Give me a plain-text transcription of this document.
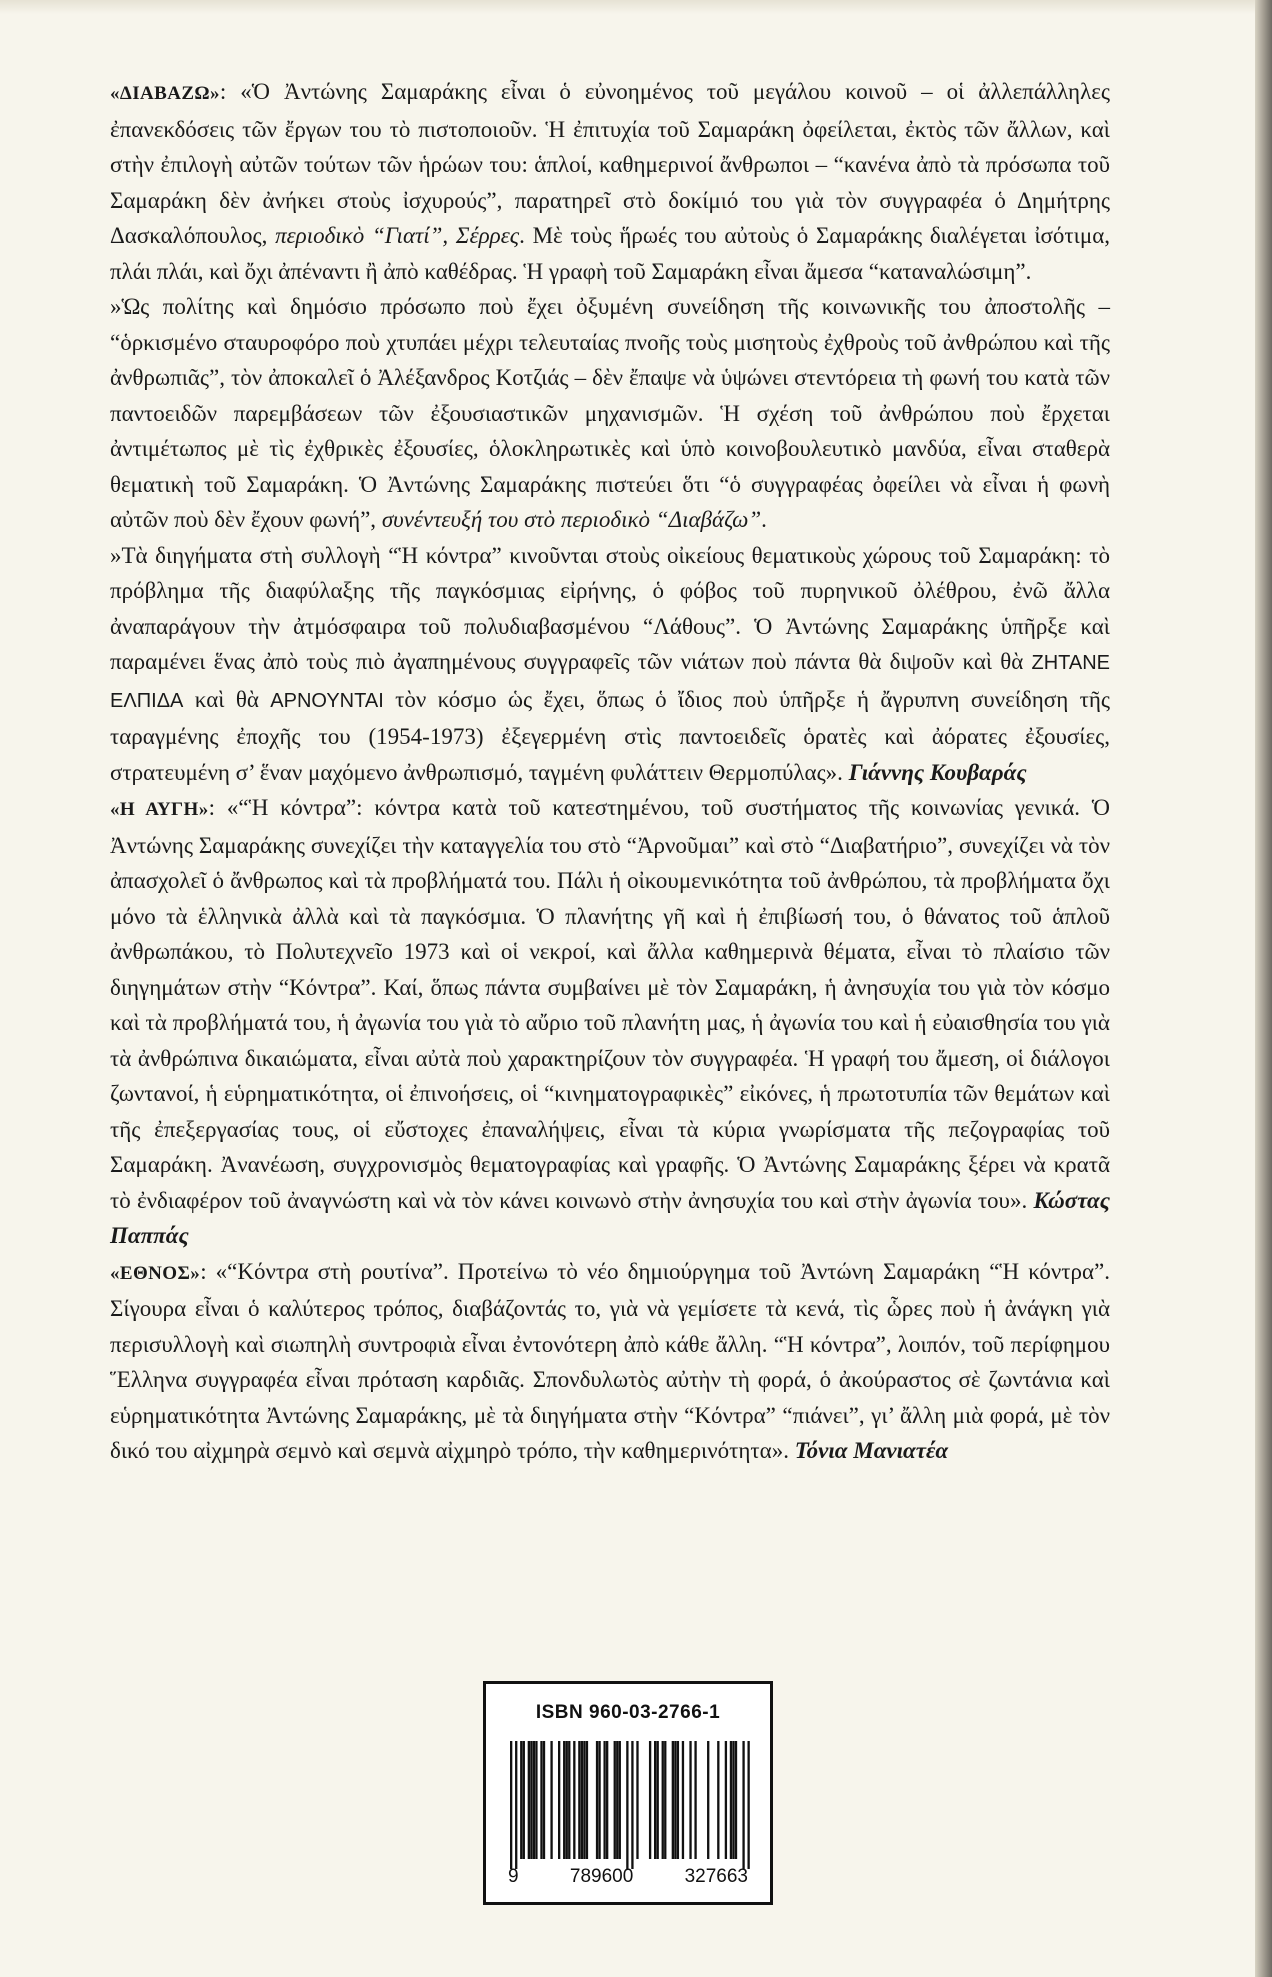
«ΔΙΑΒΑΖΩ»: «Ὁ Ἀντώνης Σαμαράκης εἶναι ὁ εὐνοημένος τοῦ μεγάλου κοινοῦ – οἱ ἀλλεπάλληλες ἐπανεκδόσεις τῶν ἔργων του τὸ πιστοποιοῦν. Ἡ ἐπιτυχία τοῦ Σαμαράκη ὀφείλεται, ἐκτὸς τῶν ἄλλων, καὶ στὴν ἐπιλογὴ αὐτῶν τούτων τῶν ἡρώων του: ἁπλοί, καθημερινοί ἄνθρωποι – “κανένα ἀπὸ τὰ πρόσωπα τοῦ Σαμαράκη δὲν ἀνήκει στοὺς ἰσχυρούς”, παρατηρεῖ στὸ δοκίμιό του γιὰ τὸν συγγραφέα ὁ Δημήτρης Δασκαλόπουλος, περιοδικὸ “Γιατί”, Σέρρες. Μὲ τοὺς ἥρωές του αὐτοὺς ὁ Σαμαράκης διαλέγεται ἰσότιμα, πλάι πλάι, καὶ ὄχι ἀπέναντι ἢ ἀπὸ καθέδρας. Ἡ γραφὴ τοῦ Σαμαράκη εἶναι ἄμεσα “καταναλώσιμη”.

»Ὡς πολίτης καὶ δημόσιο πρόσωπο ποὺ ἔχει ὀξυμένη συνείδηση τῆς κοινωνικῆς του ἀποστολῆς – “ὁρκισμένο σταυροφόρο ποὺ χτυπάει μέχρι τελευταίας πνοῆς τοὺς μισητοὺς ἐχθροὺς τοῦ ἀνθρώπου καὶ τῆς ἀνθρωπιᾶς”, τὸν ἀποκαλεῖ ὁ Ἀλέξανδρος Κοτζιάς – δὲν ἔπαψε νὰ ὑψώνει στεντόρεια τὴ φωνή του κατὰ τῶν παντοειδῶν παρεμβάσεων τῶν ἐξουσιαστικῶν μηχανισμῶν. Ἡ σχέση τοῦ ἀνθρώπου ποὺ ἔρχεται ἀντιμέτωπος μὲ τὶς ἐχθρικὲς ἐξουσίες, ὁλοκληρωτικὲς καὶ ὑπὸ κοινοβουλευτικὸ μανδύα, εἶναι σταθερὰ θεματικὴ τοῦ Σαμαράκη. Ὁ Ἀντώνης Σαμαράκης πιστεύει ὅτι “ὁ συγγραφέας ὀφείλει νὰ εἶναι ἡ φωνὴ αὐτῶν ποὺ δὲν ἔχουν φωνή”, συνέντευξή του στὸ περιοδικὸ “Διαβάζω”.

»Τὰ διηγήματα στὴ συλλογὴ “Ἡ κόντρα” κινοῦνται στοὺς οἰκείους θεματικοὺς χώρους τοῦ Σαμαράκη: τὸ πρόβλημα τῆς διαφύλαξης τῆς παγκόσμιας εἰρήνης, ὁ φόβος τοῦ πυρηνικοῦ ὀλέθρου, ἐνῶ ἄλλα ἀναπαράγουν τὴν ἀτμόσφαιρα τοῦ πολυδιαβασμένου “Λάθους”. Ὁ Ἀντώνης Σαμαράκης ὑπῆρξε καὶ παραμένει ἕνας ἀπὸ τοὺς πιὸ ἀγαπημένους συγγραφεῖς τῶν νιάτων ποὺ πάντα θὰ διψοῦν καὶ θὰ ΖΗΤΑΝΕ ΕΛΠΙΔΑ καὶ θὰ ΑΡΝΟΥΝΤΑΙ τὸν κόσμο ὡς ἔχει, ὅπως ὁ ἴδιος ποὺ ὑπῆρξε ἡ ἄγρυπνη συνείδηση τῆς ταραγμένης ἐποχῆς του (1954-1973) ἐξεγερμένη στὶς παντοειδεῖς ὁρατὲς καὶ ἀόρατες ἐξουσίες, στρατευμένη σ’ ἕναν μαχόμενο ἀνθρωπισμό, ταγμένη φυλάττειν Θερμοπύλας». Γιάννης Κουβαράς

«Η ΑΥΓΗ»: «“Ἡ κόντρα”: κόντρα κατὰ τοῦ κατεστημένου, τοῦ συστήματος τῆς κοινωνίας γενικά. Ὁ Ἀντώνης Σαμαράκης συνεχίζει τὴν καταγγελία του στὸ “Ἀρνοῦμαι” καὶ στὸ “Διαβατήριο”, συνεχίζει νὰ τὸν ἀπασχολεῖ ὁ ἄνθρωπος καὶ τὰ προβλήματά του. Πάλι ἡ οἰκουμενικότητα τοῦ ἀνθρώπου, τὰ προβλήματα ὄχι μόνο τὰ ἑλληνικὰ ἀλλὰ καὶ τὰ παγκόσμια. Ὁ πλανήτης γῆ καὶ ἡ ἐπιβίωσή του, ὁ θάνατος τοῦ ἁπλοῦ ἀνθρωπάκου, τὸ Πολυτεχνεῖο 1973 καὶ οἱ νεκροί, καὶ ἄλλα καθημερινὰ θέματα, εἶναι τὸ πλαίσιο τῶν διηγημάτων στὴν “Κόντρα”. Καί, ὅπως πάντα συμβαίνει μὲ τὸν Σαμαράκη, ἡ ἀνησυχία του γιὰ τὸν κόσμο καὶ τὰ προβλήματά του, ἡ ἀγωνία του γιὰ τὸ αὔριο τοῦ πλανήτη μας, ἡ ἀγωνία του καὶ ἡ εὐαισθησία του γιὰ τὰ ἀνθρώπινα δικαιώματα, εἶναι αὐτὰ ποὺ χαρακτηρίζουν τὸν συγγραφέα. Ἡ γραφή του ἄμεση, οἱ διάλογοι ζωντανοί, ἡ εὑρηματικότητα, οἱ ἐπινοήσεις, οἱ “κινηματογραφικὲς” εἰκόνες, ἡ πρωτοτυπία τῶν θεμάτων καὶ τῆς ἐπεξεργασίας τους, οἱ εὔστοχες ἐπαναλήψεις, εἶναι τὰ κύρια γνωρίσματα τῆς πεζογραφίας τοῦ Σαμαράκη. Ἀνανέωση, συγχρονισμὸς θεματογραφίας καὶ γραφῆς. Ὁ Ἀντώνης Σαμαράκης ξέρει νὰ κρατᾶ τὸ ἐνδιαφέρον τοῦ ἀναγνώστη καὶ νὰ τὸν κάνει κοινωνὸ στὴν ἀνησυχία του καὶ στὴν ἀγωνία του». Κώστας Παππάς

«ΕΘΝΟΣ»: «“Κόντρα στὴ ρουτίνα”. Προτείνω τὸ νέο δημιούργημα τοῦ Ἀντώνη Σαμαράκη “Ἡ κόντρα”. Σίγουρα εἶναι ὁ καλύτερος τρόπος, διαβάζοντάς το, γιὰ νὰ γεμίσετε τὰ κενά, τὶς ὧρες ποὺ ἡ ἀνάγκη γιὰ περισυλλογὴ καὶ σιωπηλὴ συντροφιὰ εἶναι ἐντονότερη ἀπὸ κάθε ἄλλη. “Ἡ κόντρα”, λοιπόν, τοῦ περίφημου Ἕλληνα συγγραφέα εἶναι πρόταση καρδιᾶς. Σπονδυλωτὸς αὐτὴν τὴ φορά, ὁ ἀκούραστος σὲ ζωντάνια καὶ εὑρηματικότητα Ἀντώνης Σαμαράκης, μὲ τὰ διηγήματα στὴν “Κόντρα” “πιάνει”, γι’ ἄλλη μιὰ φορά, μὲ τὸν δικό του αἰχμηρὰ σεμνὸ καὶ σεμνὰ αἰχμηρὸ τρόπο, τὴν καθημερινότητα». Τόνια Μανιατέα

ISBN 960-03-2766-1
9	789600	327663
